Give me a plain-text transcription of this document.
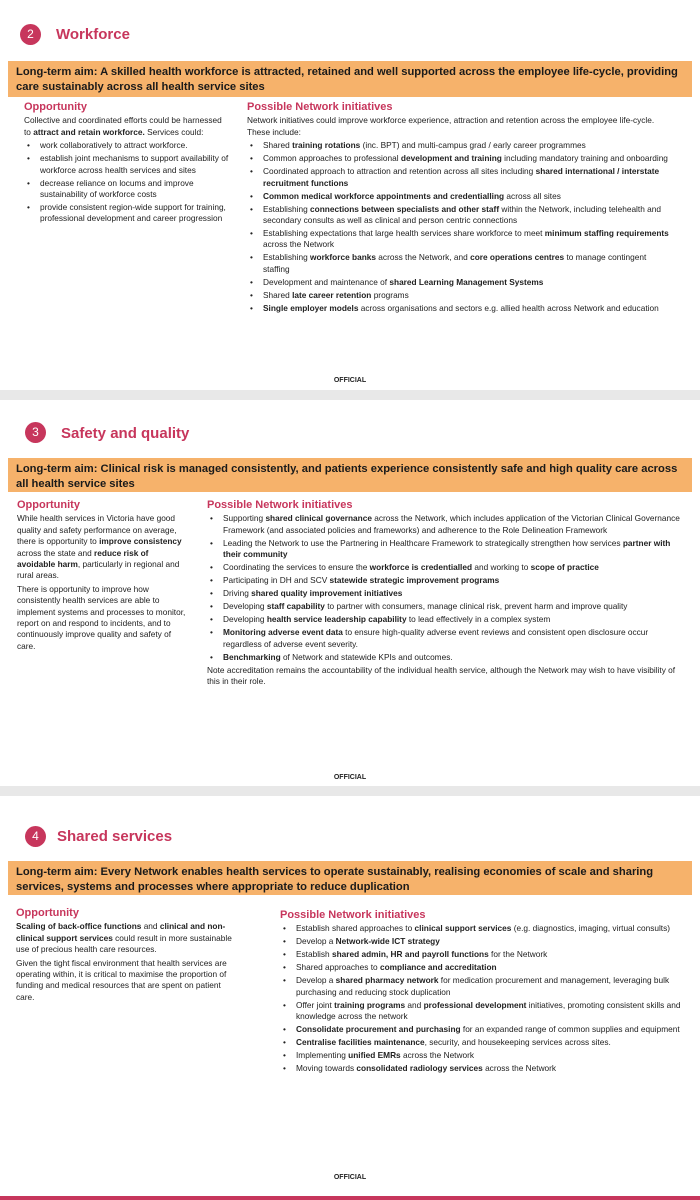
2	Workforce
Long-term aim: A skilled health workforce is attracted, retained and well supported across the employee life-cycle, providing care sustainably across all health service sites
Opportunity

Collective and coordinated efforts could be harnessed to attract and retain workforce. Services could:

• work collaboratively to attract workforce.
• establish joint mechanisms to support availability of workforce across health services and sites
• decrease reliance on locums and improve sustainability of workforce costs
• provide consistent region-wide support for training, professional development and career progression
Possible Network initiatives

Network initiatives could improve workforce experience, attraction and retention across the employee life-cycle. These include:

• Shared training rotations (inc. BPT) and multi-campus grad / early career programmes
• Common approaches to professional development and training including mandatory training and onboarding
• Coordinated approach to attraction and retention across all sites including shared international / interstate recruitment functions
• Common medical workforce appointments and credentialling across all sites
• Establishing connections between specialists and other staff within the Network, including telehealth and secondary consults as well as clinical and person centric connections
• Establishing expectations that large health services share workforce to meet minimum staffing requirements across the Network
• Establishing workforce banks across the Network, and core operations centres to manage contingent staffing
• Development and maintenance of shared Learning Management Systems
• Shared late career retention programs
• Single employer models across organisations and sectors e.g. allied health across Network and education
OFFICIAL
3	Safety and quality
Long-term aim: Clinical risk is managed consistently, and patients experience consistently safe and high quality care across all health service sites
Opportunity

While health services in Victoria have good quality and safety performance on average, there is opportunity to improve consistency across the state and reduce risk of avoidable harm, particularly in regional and rural areas.

There is opportunity to improve how consistently health services are able to implement systems and processes to monitor, report on and respond to incidents, and to continuously improve quality and safety of care.

Possible Network initiatives
• Supporting shared clinical governance across the Network, which includes application of the Victorian Clinical Governance Framework (and associated policies and frameworks) and adherence to the Role Delineation Framework
• Leading the Network to use the Partnering in Healthcare Framework to strategically strengthen how services partner with their community
• Coordinating the services to ensure the workforce is credentialled and working to scope of practice
• Participating in DH and SCV statewide strategic improvement programs
• Driving shared quality improvement initiatives
• Developing staff capability to partner with consumers, manage clinical risk, prevent harm and improve quality
• Developing health service leadership capability to lead effectively in a complex system
• Monitoring adverse event data to ensure high-quality adverse event reviews and consistent open disclosure occur regardless of adverse event severity.
• Benchmarking of Network and statewide KPIs and outcomes.

Note accreditation remains the accountability of the individual health service, although the Network may wish to have visibility of this in their role.

OFFICIAL
4	Shared services
Long-term aim: Every Network enables health services to operate sustainably, realising economies of scale and sharing services, systems and processes where appropriate to reduce duplication
Opportunity

Scaling of back-office functions and clinical and non-clinical support services could result in more sustainable use of precious health care resources.

Given the tight fiscal environment that health services are operating within, it is critical to maximise the proportion of funding and medical resources that are spent on patient care.

Possible Network initiatives
• Establish shared approaches to clinical support services (e.g. diagnostics, imaging, virtual consults)
• Develop a Network-wide ICT strategy
• Establish shared admin, HR and payroll functions for the Network
• Shared approaches to compliance and accreditation
• Develop a shared pharmacy network for medication procurement and management, leveraging bulk purchasing and reducing stock duplication
• Offer joint training programs and professional development initiatives, promoting consistent skills and knowledge across the network
• Consolidate procurement and purchasing for an expanded range of common supplies and equipment
• Centralise facilities maintenance, security, and housekeeping services across sites.
• Implementing unified EMRs across the Network
• Moving towards consolidated radiology services across the Network
OFFICIAL
